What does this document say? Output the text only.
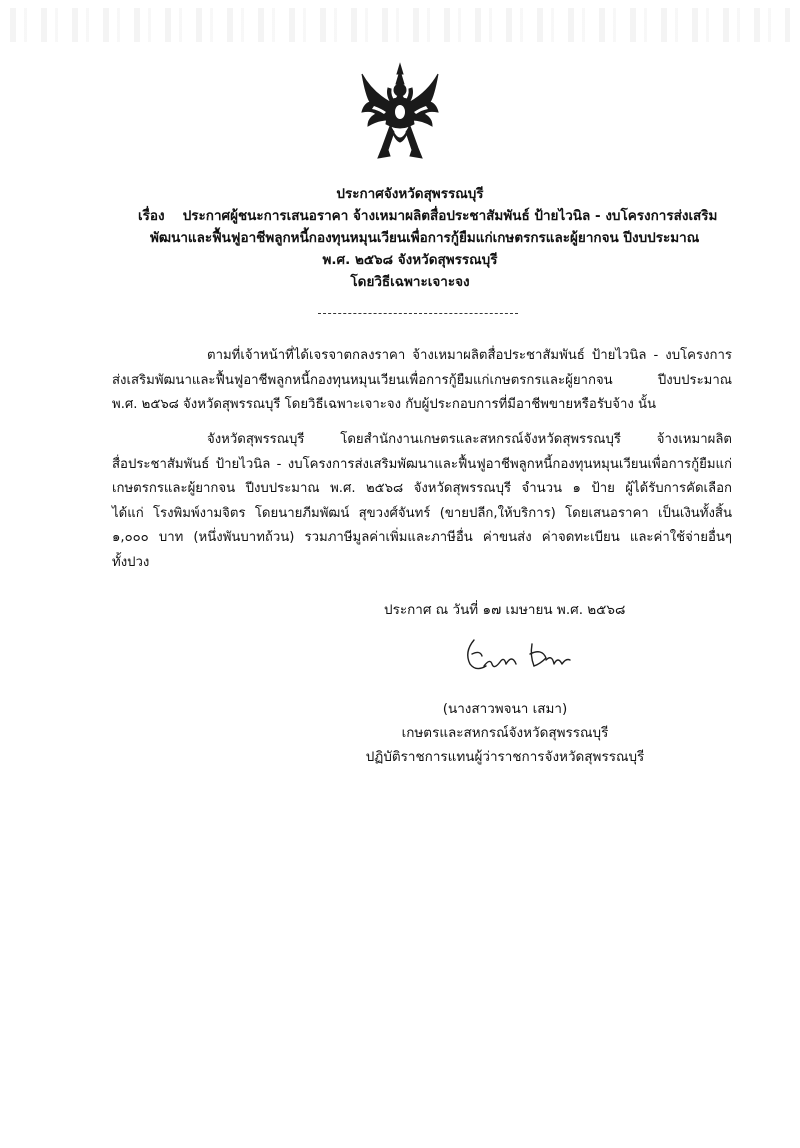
ประกาศจังหวัดสุพรรณบุรี
เรื่อง ประกาศผู้ชนะการเสนอราคา จ้างเหมาผลิตสื่อประชาสัมพันธ์ ป้ายไวนิล - งบโครงการส่งเสริม
พัฒนาและฟื้นฟูอาชีพลูกหนี้กองทุนหมุนเวียนเพื่อการกู้ยืมแก่เกษตรกรและผู้ยากจน ปีงบประมาณ
พ.ศ. ๒๕๖๘ จังหวัดสุพรรณบุรี
โดยวิธีเฉพาะเจาะจง
ตามที่เจ้าหน้าที่ได้เจรจาตกลงราคา จ้างเหมาผลิตสื่อประชาสัมพันธ์ ป้ายไวนิล - งบโครงการ
ส่งเสริมพัฒนาและฟื้นฟูอาชีพลูกหนี้กองทุนหมุนเวียนเพื่อการกู้ยืมแก่เกษตรกรและผู้ยากจน ปีงบประมาณ
พ.ศ. ๒๕๖๘ จังหวัดสุพรรณบุรี โดยวิธีเฉพาะเจาะจง กับผู้ประกอบการที่มีอาชีพขายหรือรับจ้าง นั้น
จังหวัดสุพรรณบุรี โดยสำนักงานเกษตรและสหกรณ์จังหวัดสุพรรณบุรี จ้างเหมาผลิต
สื่อประชาสัมพันธ์ ป้ายไวนิล - งบโครงการส่งเสริมพัฒนาและฟื้นฟูอาชีพลูกหนี้กองทุนหมุนเวียนเพื่อการกู้ยืมแก่
เกษตรกรและผู้ยากจน ปีงบประมาณ พ.ศ. ๒๕๖๘ จังหวัดสุพรรณบุรี จำนวน ๑ ป้าย ผู้ได้รับการคัดเลือก
ได้แก่ โรงพิมพ์งามจิตร โดยนายภีมพัฒน์ สุขวงศ์จันทร์ (ขายปลีก,ให้บริการ) โดยเสนอราคา เป็นเงินทั้งสิ้น
๑,๐๐๐ บาท (หนึ่งพันบาทถ้วน) รวมภาษีมูลค่าเพิ่มและภาษีอื่น ค่าขนส่ง ค่าจดทะเบียน และค่าใช้จ่ายอื่นๆ
ทั้งปวง
ประกาศ ณ วันที่ ๑๗ เมษายน พ.ศ. ๒๕๖๘
(นางสาวพจนา เสมา)
เกษตรและสหกรณ์จังหวัดสุพรรณบุรี
ปฏิบัติราชการแทนผู้ว่าราชการจังหวัดสุพรรณบุรี
